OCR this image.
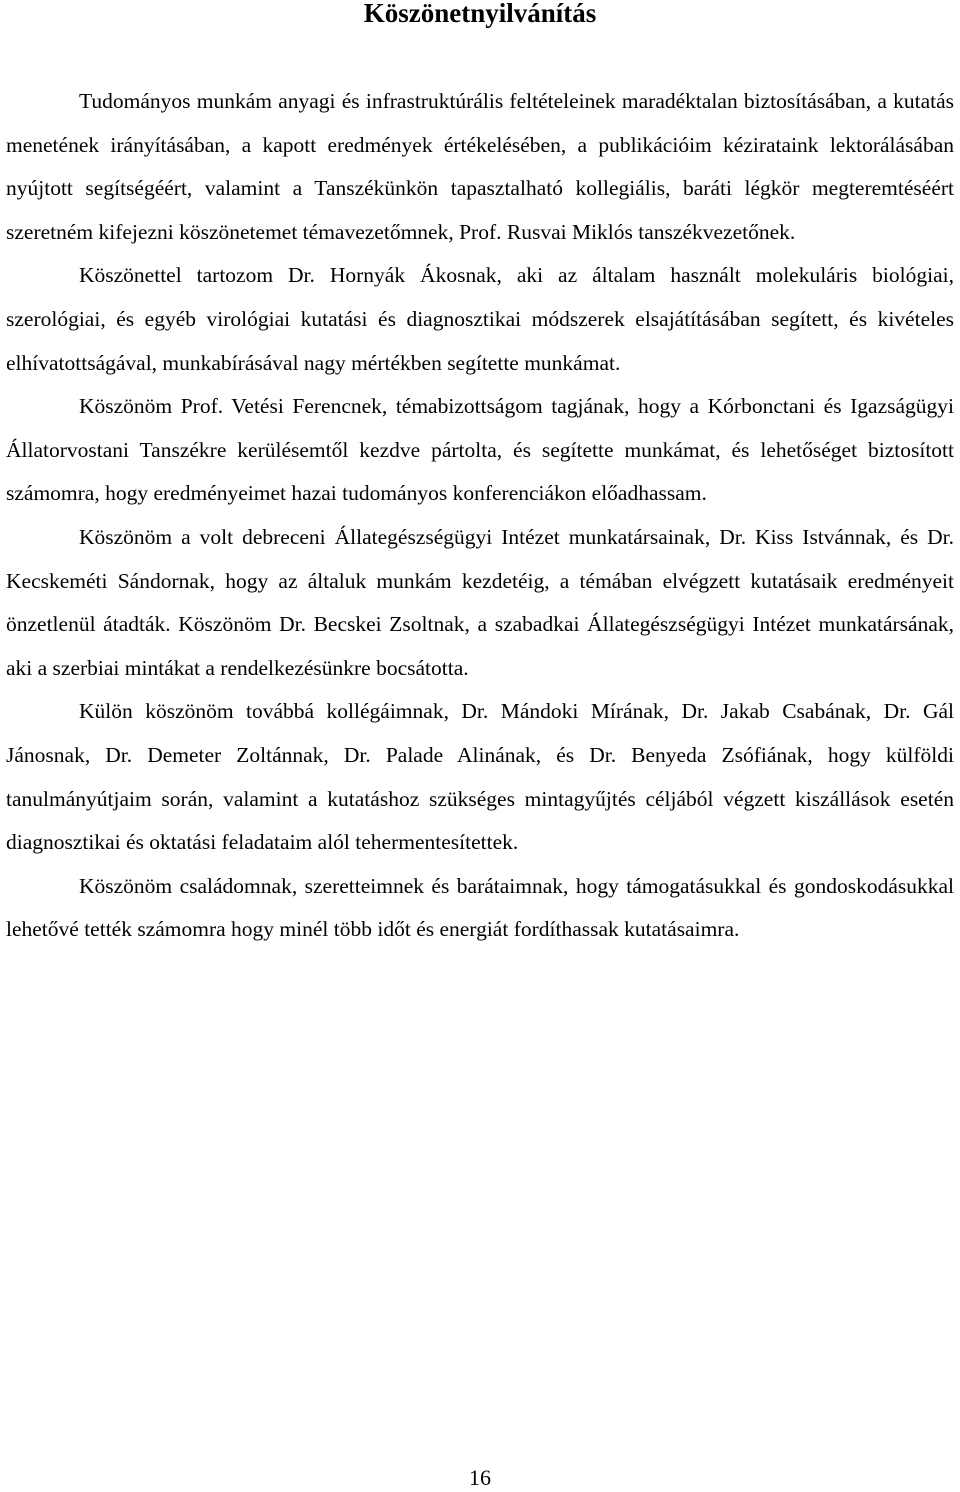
Köszönetnyilvánítás

Tudományos munkám anyagi és infrastruktúrális feltételeinek maradéktalan biztosításában, a kutatás menetének irányításában, a kapott eredmények értékelésében, a publikációim kézirataink lektorálásában nyújtott segítségéért, valamint a Tanszékünkön tapasztalható kollegiális, baráti légkör megteremtéséért szeretném kifejezni köszönetemet témavezetőmnek, Prof. Rusvai Miklós tanszékvezetőnek.

Köszönettel tartozom Dr. Hornyák Ákosnak, aki az általam használt molekuláris biológiai, szerológiai, és egyéb virológiai kutatási és diagnosztikai módszerek elsajátításában segített, és kivételes elhívatottságával, munkabírásával nagy mértékben segítette munkámat.

Köszönöm Prof. Vetési Ferencnek, témabizottságom tagjának, hogy a Kórbonctani és Igazságügyi Állatorvostani Tanszékre kerülésemtől kezdve pártolta, és segítette munkámat, és lehetőséget biztosított számomra, hogy eredményeimet hazai tudományos konferenciákon előadhassam.

Köszönöm a volt debreceni Állategészségügyi Intézet munkatársainak, Dr. Kiss Istvánnak, és Dr. Kecskeméti Sándornak, hogy az általuk munkám kezdetéig, a témában elvégzett kutatásaik eredményeit önzetlenül átadták. Köszönöm Dr. Becskei Zsoltnak, a szabadkai Állategészségügyi Intézet munkatársának, aki a szerbiai mintákat a rendelkezésünkre bocsátotta.

Külön köszönöm továbbá kollégáimnak, Dr. Mándoki Mírának, Dr. Jakab Csabának, Dr. Gál Jánosnak, Dr. Demeter Zoltánnak, Dr. Palade Alinának, és Dr. Benyeda Zsófiának, hogy külföldi tanulmányútjaim során, valamint a kutatáshoz szükséges mintagyűjtés céljából végzett kiszállások esetén diagnosztikai és oktatási feladataim alól tehermentesítettek.

Köszönöm családomnak, szeretteimnek és barátaimnak, hogy támogatásukkal és gondoskodásukkal lehetővé tették számomra hogy minél több időt és energiát fordíthassak kutatásaimra.

16
